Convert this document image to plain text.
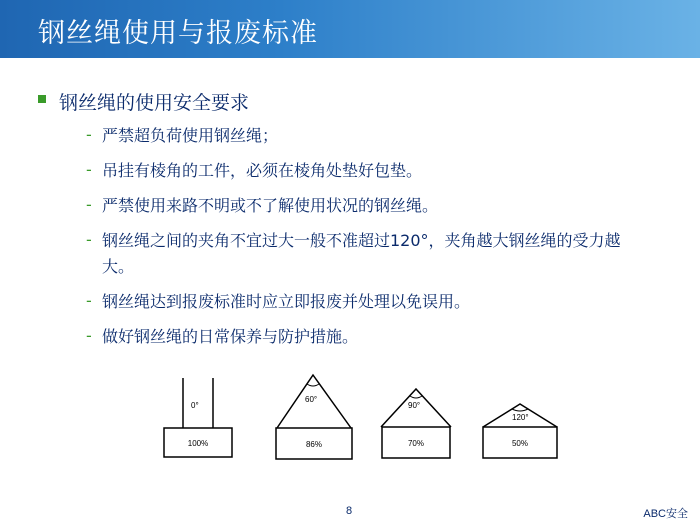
钢丝绳使用与报废标准
钢丝绳的使用安全要求
- 严禁超负荷使用钢丝绳；
- 吊挂有棱角的工件，必须在棱角处垫好包垫。
- 严禁使用来路不明或不了解使用状况的钢丝绳。
- 钢丝绳之间的夹角不宜过大一般不准超过120°，夹角越大钢丝绳的受力越大。
- 钢丝绳达到报废标准时应立即报废并处理以免误用。
- 做好钢丝绳的日常保养与防护措施。
0°
100%
60°
86%
90°
70%
120°
50%
8	ABC安全
